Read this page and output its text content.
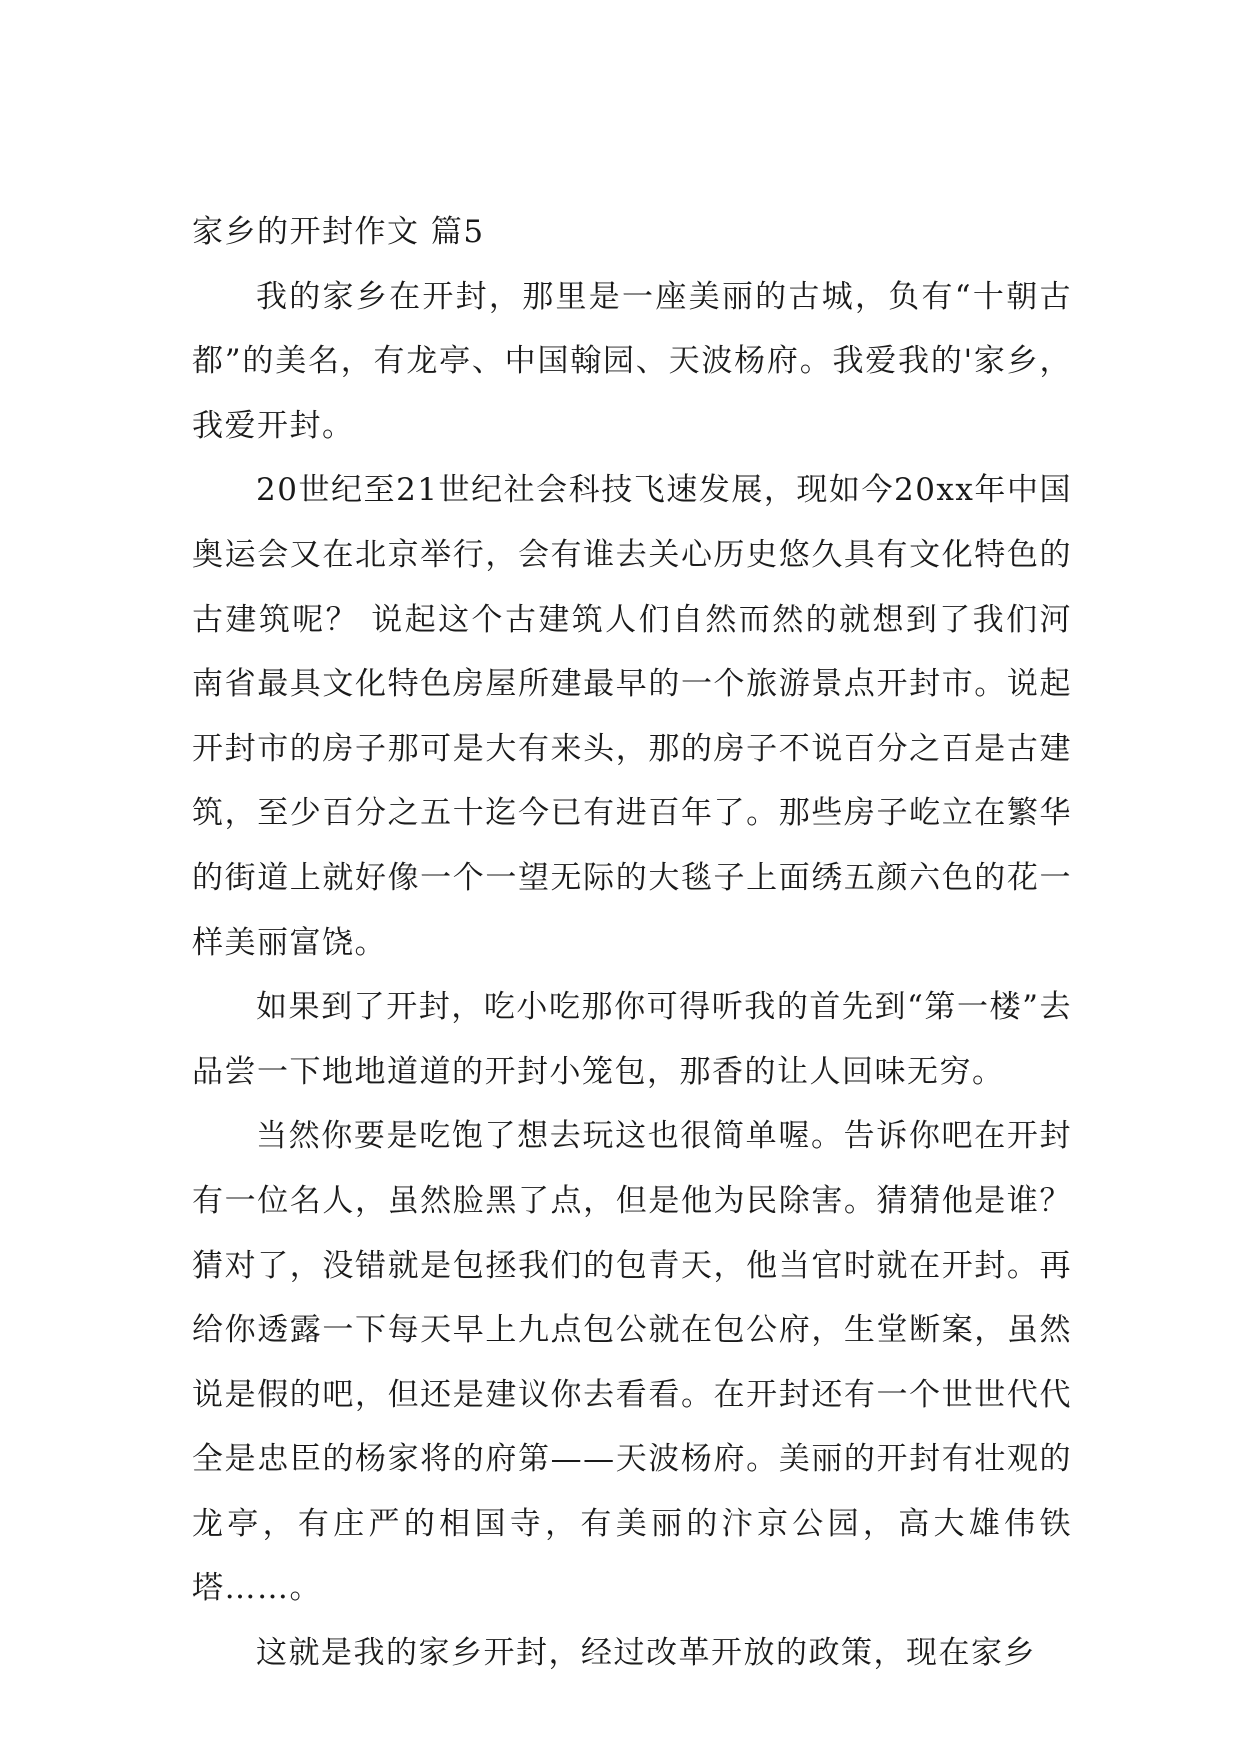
家乡的开封作文 篇5

我的家乡在开封，那里是一座美丽的古城，负有“十朝古都”的美名，有龙亭、中国翰园、天波杨府。我爱我的'家乡，我爱开封。

20世纪至21世纪社会科技飞速发展，现如今20xx年中国奥运会又在北京举行，会有谁去关心历史悠久具有文化特色的古建筑呢？ 说起这个古建筑人们自然而然的就想到了我们河南省最具文化特色房屋所建最早的一个旅游景点开封市。说起开封市的房子那可是大有来头，那的房子不说百分之百是古建筑，至少百分之五十迄今已有进百年了。那些房子屹立在繁华的街道上就好像一个一望无际的大毯子上面绣五颜六色的花一样美丽富饶。

如果到了开封，吃小吃那你可得听我的首先到“第一楼”去品尝一下地地道道的开封小笼包，那香的让人回味无穷。

当然你要是吃饱了想去玩这也很简单喔。告诉你吧在开封有一位名人，虽然脸黑了点，但是他为民除害。猜猜他是谁？猜对了，没错就是包拯我们的包青天，他当官时就在开封。再给你透露一下每天早上九点包公就在包公府，生堂断案，虽然说是假的吧，但还是建议你去看看。在开封还有一个世世代代全是忠臣的杨家将的府第——天波杨府。美丽的开封有壮观的龙亭，有庄严的相国寺，有美丽的汴京公园，高大雄伟铁塔……。

这就是我的家乡开封，经过改革开放的政策，现在家乡
